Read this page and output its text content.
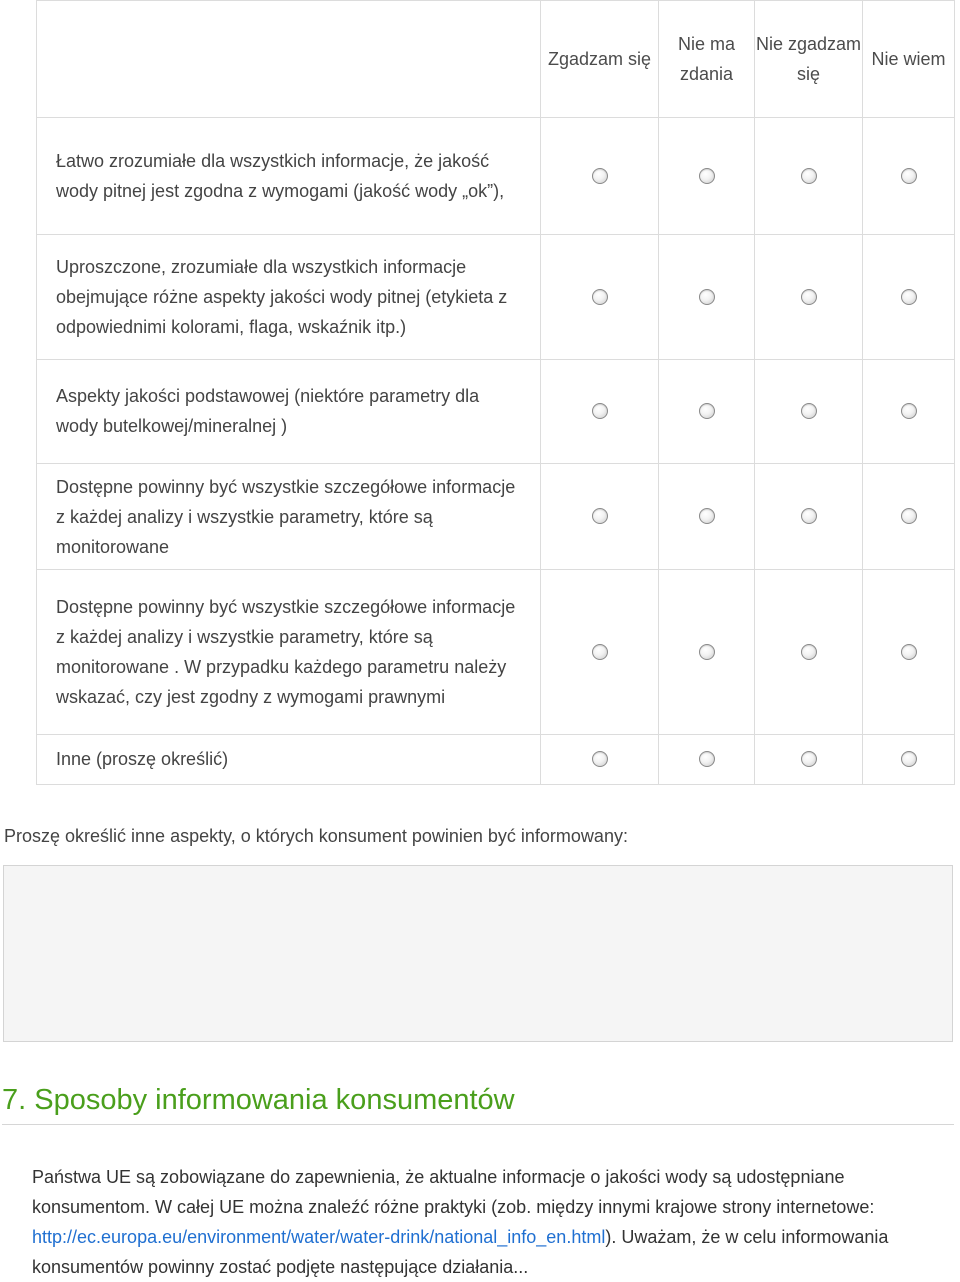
	Zgadzam się	Nie ma zdania	Nie zgadzam się	Nie wiem
Łatwo zrozumiałe dla wszystkich informacje, że jakość wody pitnej jest zgodna z wymogami (jakość wody „ok”),				
Uproszczone, zrozumiałe dla wszystkich informacje obejmujące różne aspekty jakości wody pitnej (etykieta z odpowiednimi kolorami, flaga, wskaźnik itp.)				
Aspekty jakości podstawowej (niektóre parametry dla wody butelkowej/mineralnej )				
Dostępne powinny być wszystkie szczegółowe informacje z każdej analizy i wszystkie parametry, które są monitorowane				
Dostępne powinny być wszystkie szczegółowe informacje z każdej analizy i wszystkie parametry, które są monitorowane . W przypadku każdego parametru należy wskazać, czy jest zgodny z wymogami prawnymi				
Inne (proszę określić)				
Proszę określić inne aspekty, o których konsument powinien być informowany:
7. Sposoby informowania konsumentów

Państwa UE są zobowiązane do zapewnienia, że aktualne informacje o jakości wody są udostępniane konsumentom. W całej UE można znaleźć różne praktyki (zob. między innymi krajowe strony internetowe: http://ec.europa.eu/environment/water/water-drink/national_info_en.html). Uważam, że w celu informowania konsumentów powinny zostać podjęte następujące działania...
